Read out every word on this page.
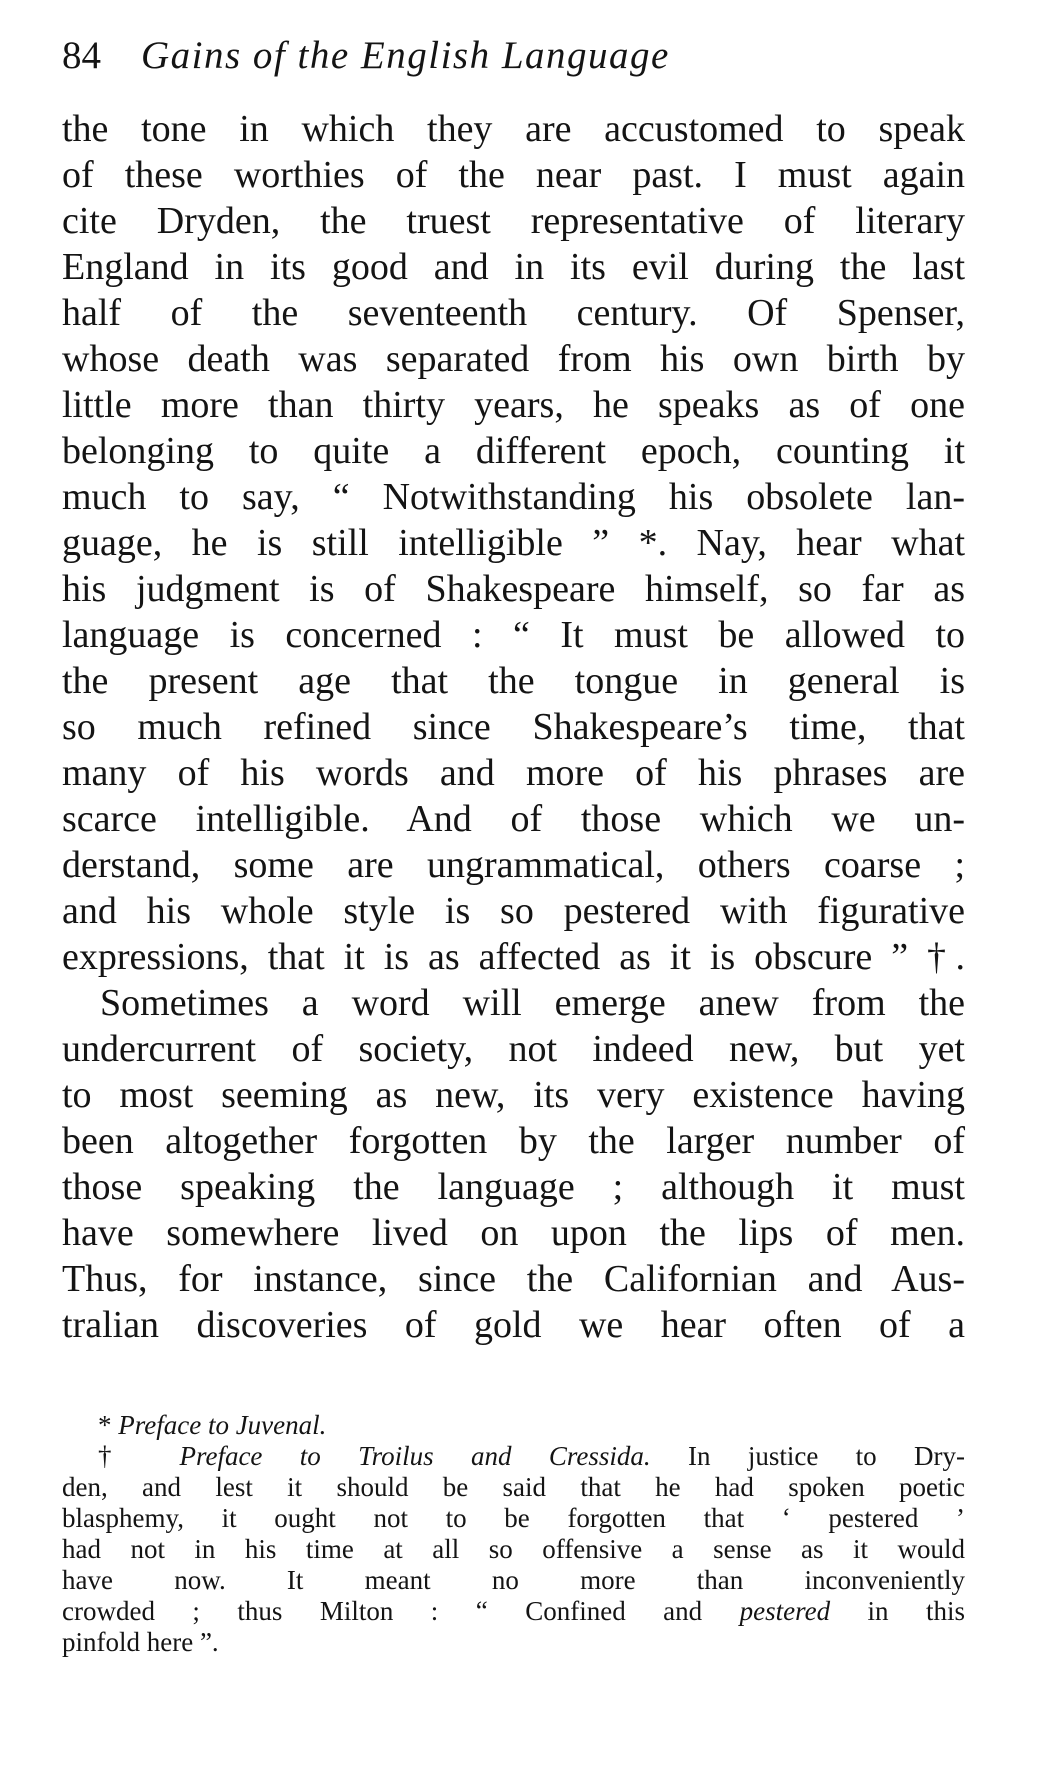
84 Gains of the English Language
the tone in which they are accustomed to speak
of these worthies of the near past. I must again
cite Dryden, the truest representative of literary
England in its good and in its evil during the last
half of the seventeenth century. Of Spenser,
whose death was separated from his own birth by
little more than thirty years, he speaks as of one
belonging to quite a different epoch, counting it
much to say, “ Notwithstanding his obsolete lan-
guage, he is still intelligible ” *. Nay, hear what
his judgment is of Shakespeare himself, so far as
language is concerned : “ It must be allowed to
the present age that the tongue in general is
so much refined since Shakespeare’s time, that
many of his words and more of his phrases are
scarce intelligible. And of those which we un-
derstand, some are ungrammatical, others coarse ;
and his whole style is so pestered with figurative
expressions, that it is as affected as it is obscure ” †.
Sometimes a word will emerge anew from the
undercurrent of society, not indeed new, but yet
to most seeming as new, its very existence having
been altogether forgotten by the larger number of
those speaking the language ; although it must
have somewhere lived on upon the lips of men.
Thus, for instance, since the Californian and Aus-
tralian discoveries of gold we hear often of a
* Preface to Juvenal.
† Preface to Troilus and Cressida. In justice to Dry-
den, and lest it should be said that he had spoken poetic
blasphemy, it ought not to be forgotten that ‘ pestered ’
had not in his time at all so offensive a sense as it would
have now. It meant no more than inconveniently
crowded ; thus Milton : “ Confined and pestered in this
pinfold here ”.
